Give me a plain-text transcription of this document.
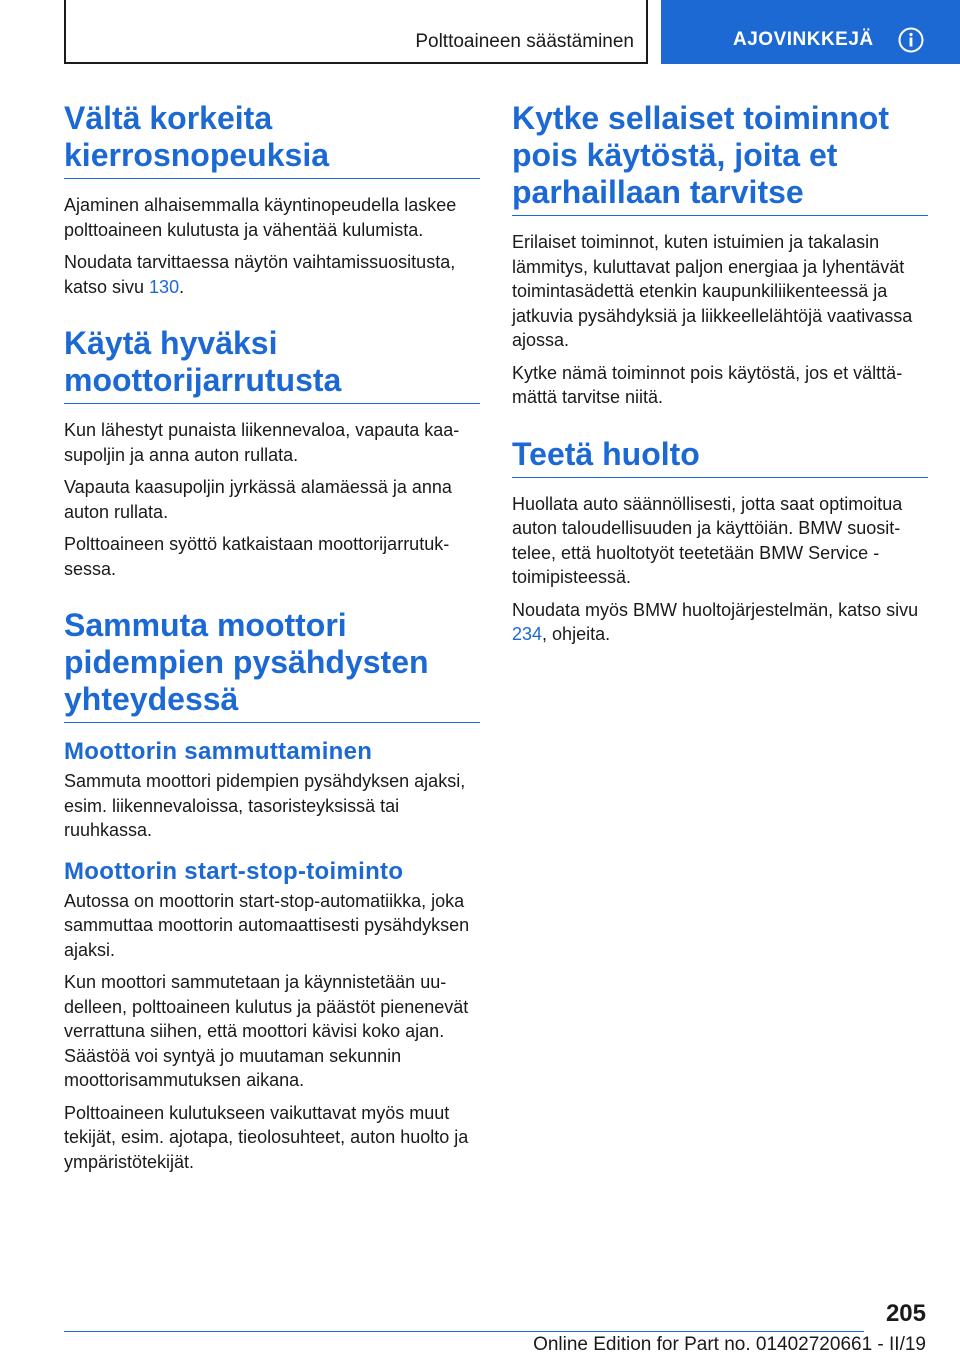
Polttoaineen säästäminen	AJOVINKKEJÄ
Vältä korkeita kierrosnopeuksia

Ajaminen alhaisemmalla käyntinopeudella laskee polttoaineen kulutusta ja vähentää kulumista.

Noudata tarvittaessa näytön vaihtamissuositusta, katso sivu 130.

Käytä hyväksi moottorijarrutusta

Kun lähestyt punaista liikennevaloa, vapauta kaasupoljin ja anna auton rullata.

Vapauta kaasupoljin jyrkässä alamäessä ja anna auton rullata.

Polttoaineen syöttö katkaistaan moottorijarrutuksessa.

Sammuta moottori pidempien pysähdysten yhteydessä
Moottorin sammuttaminen

Sammuta moottori pidempien pysähdyksen ajaksi, esim. liikennevaloissa, tasoristeyksissä tai ruuhkassa.

Moottorin start-stop-toiminto

Autossa on moottorin start-stop-automatiikka, joka sammuttaa moottorin automaattisesti pysähdyksen ajaksi.

Kun moottori sammutetaan ja käynnistetään uudelleen, polttoaineen kulutus ja päästöt pienenevät verrattuna siihen, että moottori kävisi koko ajan. Säästöä voi syntyä jo muutaman sekunnin moottorisammutuksen aikana.

Polttoaineen kulutukseen vaikuttavat myös muut tekijät, esim. ajotapa, tieolosuhteet, auton huolto ja ympäristötekijät.

Kytke sellaiset toiminnot pois käytöstä, joita et parhaillaan tarvitse

Erilaiset toiminnot, kuten istuimien ja takalasin lämmitys, kuluttavat paljon energiaa ja lyhentävät toimintasädettä etenkin kaupunkiliikenteessä ja jatkuvia pysähdyksiä ja liikkeellelähtöjä vaativassa ajossa.

Kytke nämä toiminnot pois käytöstä, jos et välttämättä tarvitse niitä.

Teetä huolto

Huollata auto säännöllisesti, jotta saat optimoitua auton taloudellisuuden ja käyttöiän. BMW suosittelee, että huoltotyöt teetetään BMW Service -toimipisteessä.

Noudata myös BMW huoltojärjestelmän, katso sivu 234, ohjeita.

205
Online Edition for Part no. 01402720661 - II/19
